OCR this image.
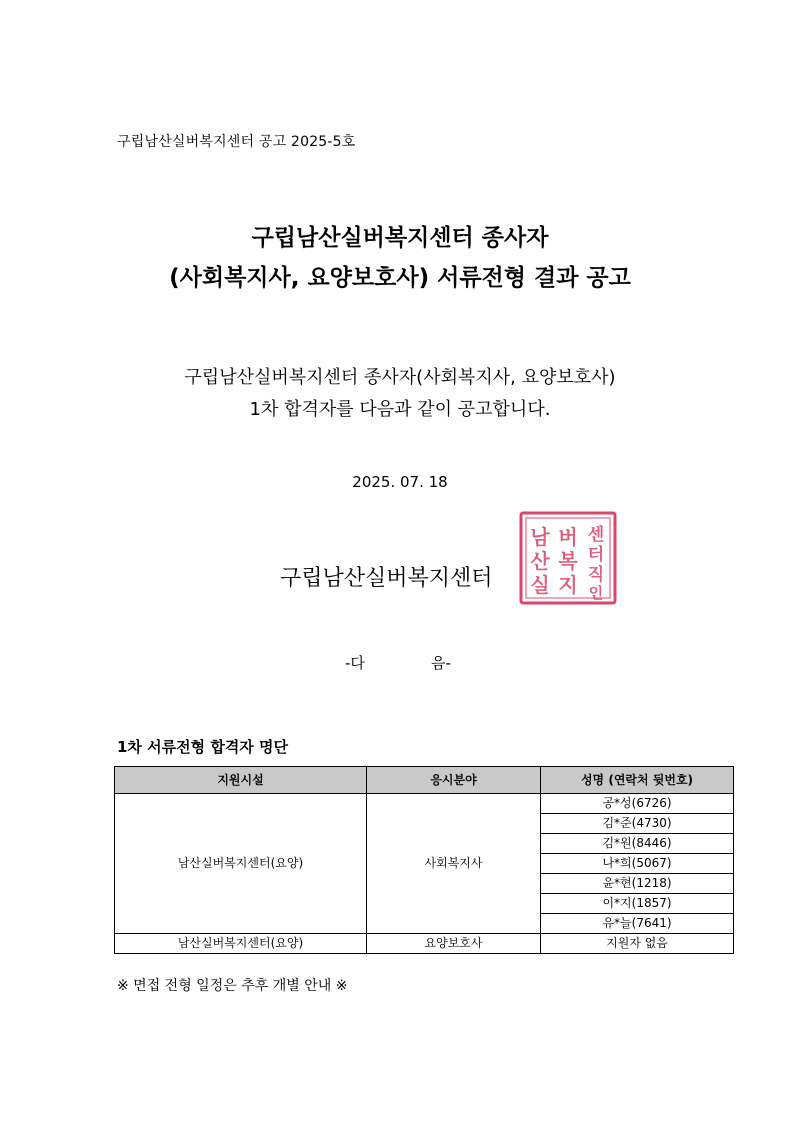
구립남산실버복지센터 공고 2025-5호
구립남산실버복지센터 종사자
(사회복지사, 요양보호사) 서류전형 결과 공고
구립남산실버복지센터 종사자(사회복지사, 요양보호사)
1차 합격자를 다음과 같이 공고합니다.
2025. 07. 18
구립남산실버복지센터
남
산
실
버
복
지
센
터
직
인
-다	음-
1차 서류전형 합격자 명단
지원시설	응시분야	성명 (연락처 뒷번호)
남산실버복지센터(요양)	사회복지사	공*성(6726)
		김*준(4730)
		김*원(8446)
		나*희(5067)
		윤*현(1218)
		이*지(1857)
		유*늘(7641)
남산실버복지센터(요양)	요양보호사	지원자 없음
※ 면접 전형 일정은 추후 개별 안내 ※
